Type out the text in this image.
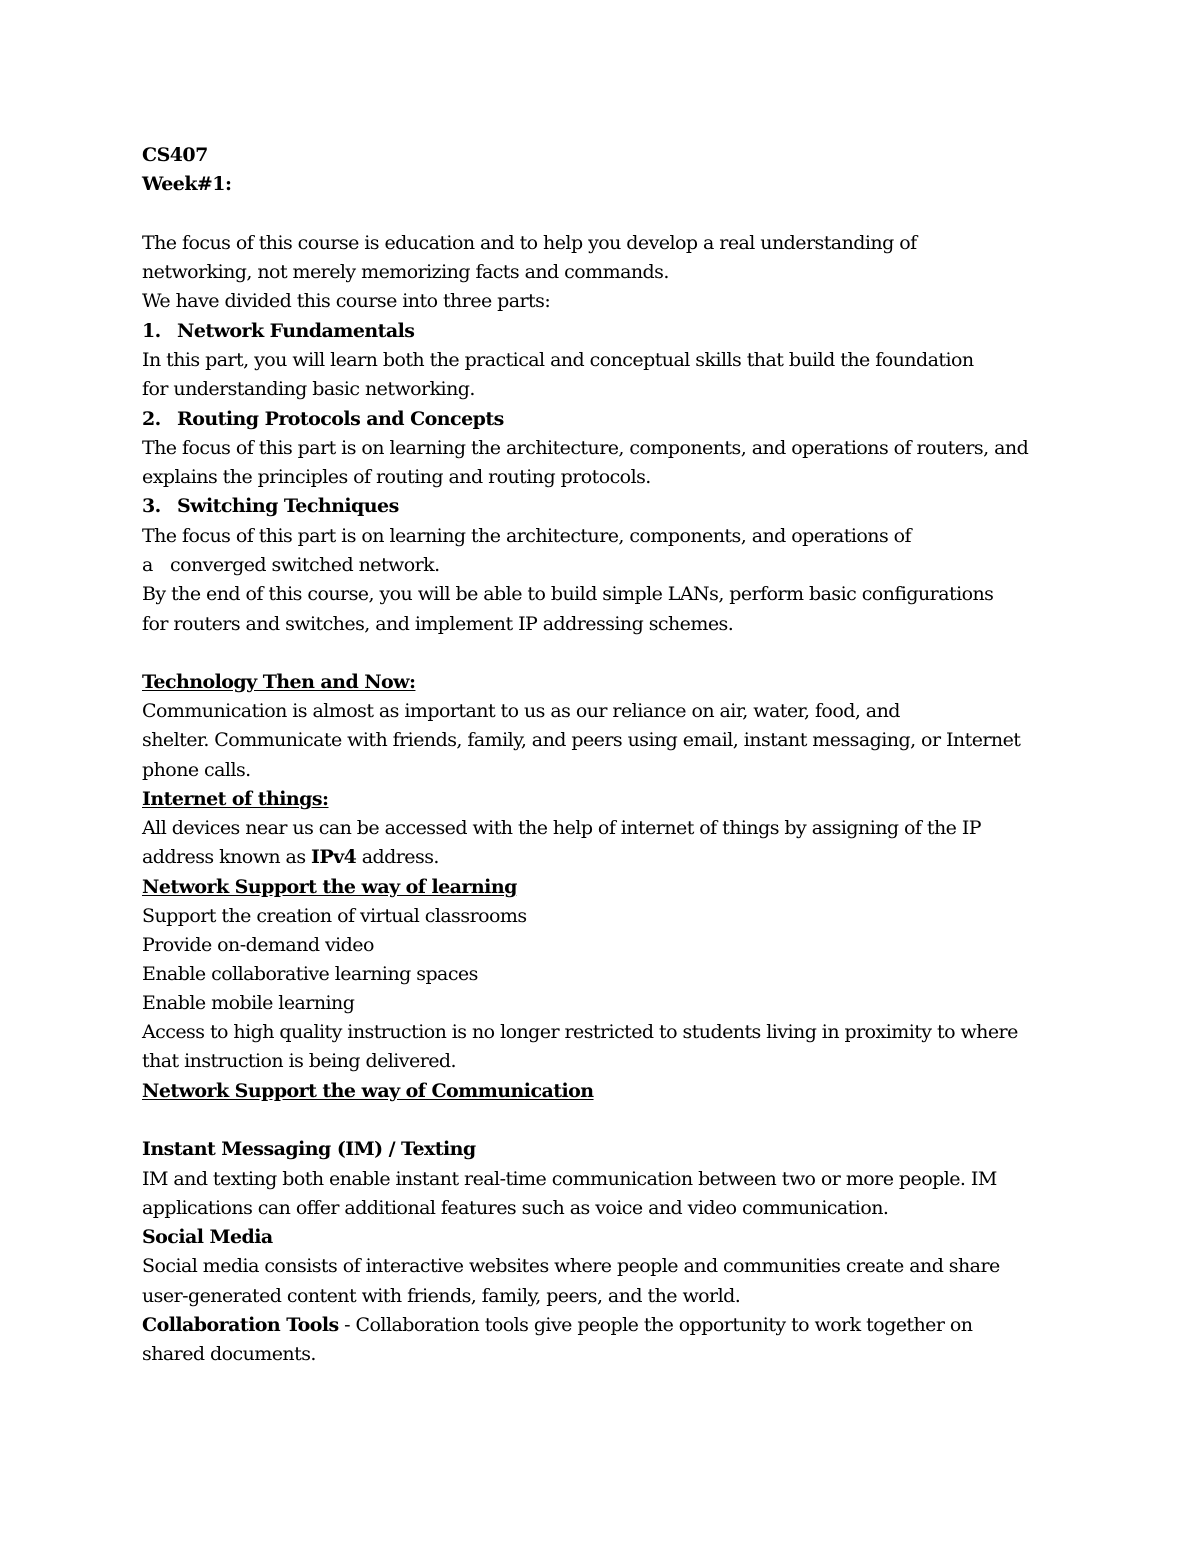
CS407
Week#1:
The focus of this course is education and to help you develop a real understanding of
networking, not merely memorizing facts and commands.
We have divided this course into three parts:
1. Network Fundamentals
In this part, you will learn both the practical and conceptual skills that build the foundation
for understanding basic networking.
2. Routing Protocols and Concepts
The focus of this part is on learning the architecture, components, and operations of routers, and
explains the principles of routing and routing protocols.
3. Switching Techniques
The focus of this part is on learning the architecture, components, and operations of
a converged switched network.
By the end of this course, you will be able to build simple LANs, perform basic configurations
for routers and switches, and implement IP addressing schemes.
Technology Then and Now:
Communication is almost as important to us as our reliance on air, water, food, and
shelter. Communicate with friends, family, and peers using email, instant messaging, or Internet
phone calls.
Internet of things:
All devices near us can be accessed with the help of internet of things by assigning of the IP
address known as IPv4 address.
Network Support the way of learning
Support the creation of virtual classrooms
Provide on-demand video
Enable collaborative learning spaces
Enable mobile learning
Access to high quality instruction is no longer restricted to students living in proximity to where
that instruction is being delivered.
Network Support the way of Communication
Instant Messaging (IM) / Texting
IM and texting both enable instant real-time communication between two or more people. IM
applications can offer additional features such as voice and video communication.
Social Media
Social media consists of interactive websites where people and communities create and share
user-generated content with friends, family, peers, and the world.
Collaboration Tools - Collaboration tools give people the opportunity to work together on
shared documents.
